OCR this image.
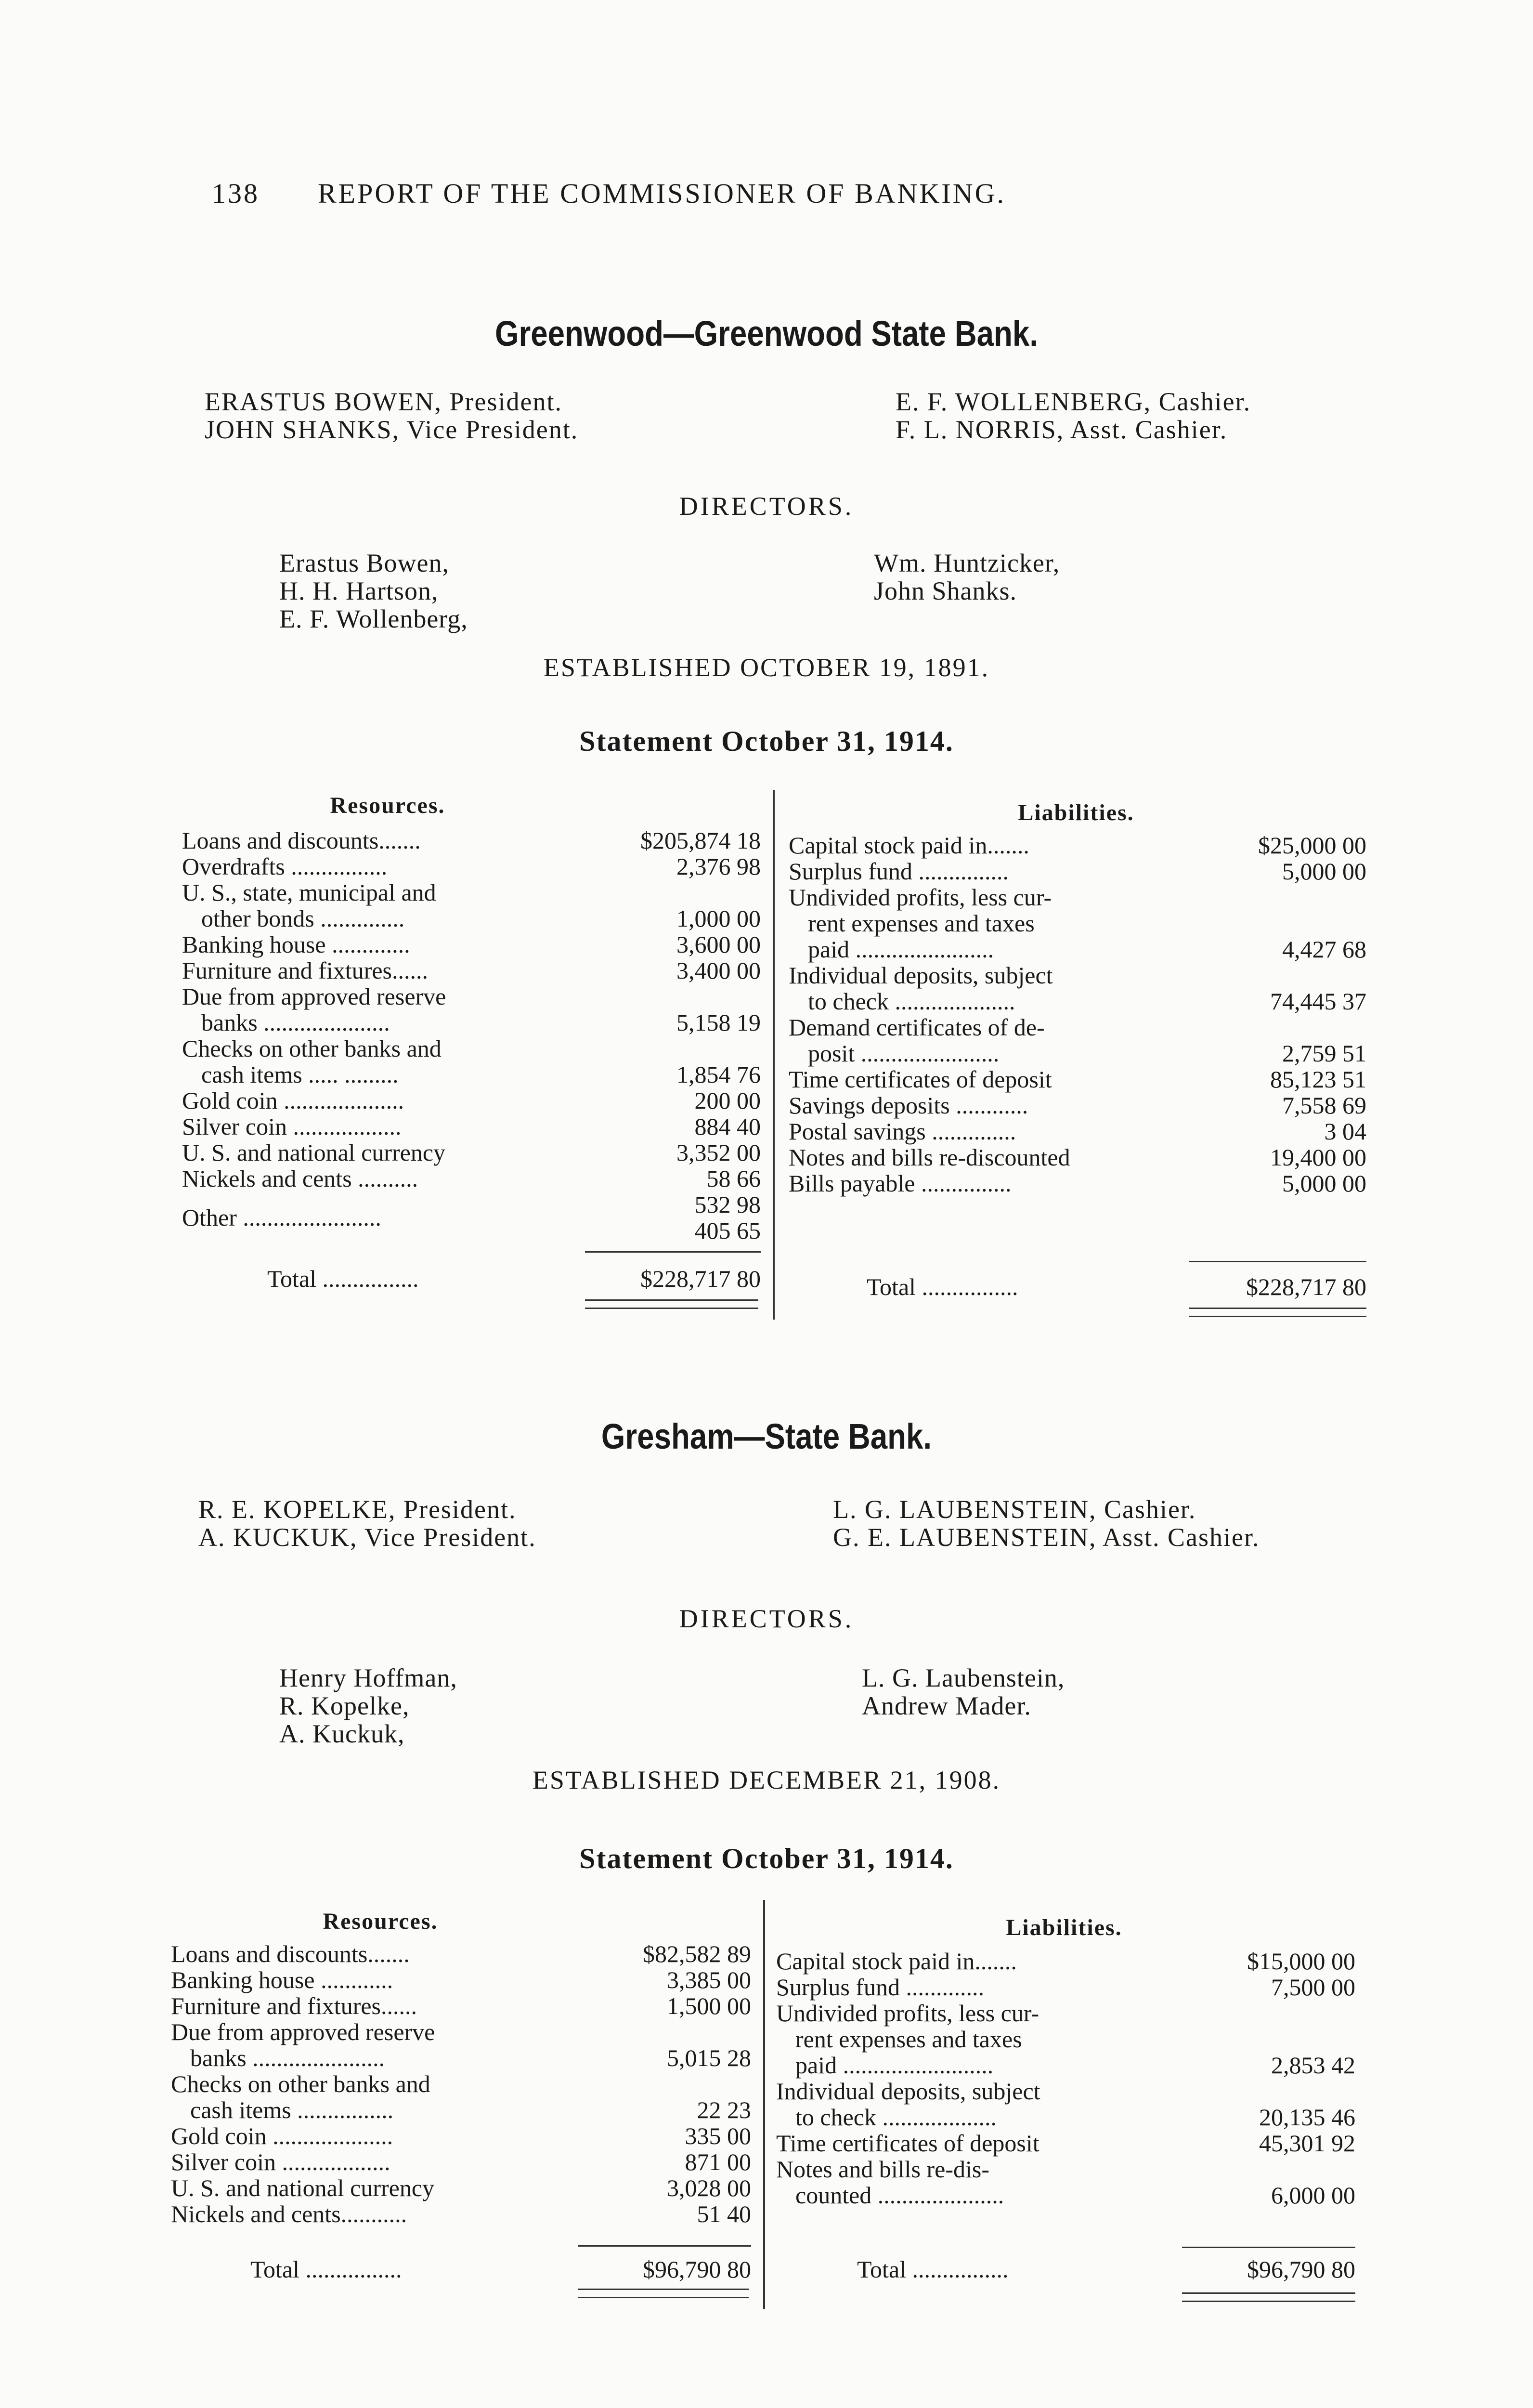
138 REPORT OF THE COMMISSIONER OF BANKING.
Greenwood—Greenwood State Bank.
ERASTUS BOWEN, President.
JOHN SHANKS, Vice President.
E. F. WOLLENBERG, Cashier.
F. L. NORRIS, Asst. Cashier.
DIRECTORS.
Erastus Bowen,
H. H. Hartson,
E. F. Wollenberg,
Wm. Huntzicker,
John Shanks.
ESTABLISHED OCTOBER 19, 1891.
Statement October 31, 1914.
Resources.	Liabilities.
Loans and discounts.......	$205,874 18
Overdrafts ................	2,376 98
U. S., state, municipal and
other bonds ..............	1,000 00
Banking house .............	3,600 00
Furniture and fixtures......	3,400 00
Due from approved reserve
banks .....................	5,158 19
Checks on other banks and
cash items ..... .........	1,854 76
Gold coin ....................	200 00
Silver coin ..................	884 40
U. S. and national currency	3,352 00
Nickels and cents ..........	58 66
Other .......................	532 98
405 65
Capital stock paid in.......	$25,000 00
Surplus fund ...............	5,000 00
Undivided profits, less cur-
rent expenses and taxes
paid .......................	4,427 68
Individual deposits, subject
to check ....................	74,445 37
Demand certificates of de-
posit .......................	2,759 51
Time certificates of deposit	85,123 51
Savings deposits ............	7,558 69
Postal savings ..............	3 04
Notes and bills re-discounted	19,400 00
Bills payable ...............	5,000 00
Total ................	$228,717 80	Total ................	$228,717 80
Gresham—State Bank.
R. E. KOPELKE, President.
A. KUCKUK, Vice President.
L. G. LAUBENSTEIN, Cashier.
G. E. LAUBENSTEIN, Asst. Cashier.
DIRECTORS.
Henry Hoffman,
R. Kopelke,
A. Kuckuk,
L. G. Laubenstein,
Andrew Mader.
ESTABLISHED DECEMBER 21, 1908.
Statement October 31, 1914.
Resources.	Liabilities.
Loans and discounts.......	$82,582 89
Banking house ............	3,385 00
Furniture and fixtures......	1,500 00
Due from approved reserve
banks ......................	5,015 28
Checks on other banks and
cash items ................	22 23
Gold coin ....................	335 00
Silver coin ..................	871 00
U. S. and national currency	3,028 00
Nickels and cents...........	51 40
Capital stock paid in.......	$15,000 00
Surplus fund .............	7,500 00
Undivided profits, less cur-
rent expenses and taxes
paid .........................	2,853 42
Individual deposits, subject
to check ...................	20,135 46
Time certificates of deposit	45,301 92
Notes and bills re-dis-
counted .....................	6,000 00
Total ................	$96,790 80	Total ................	$96,790 80
